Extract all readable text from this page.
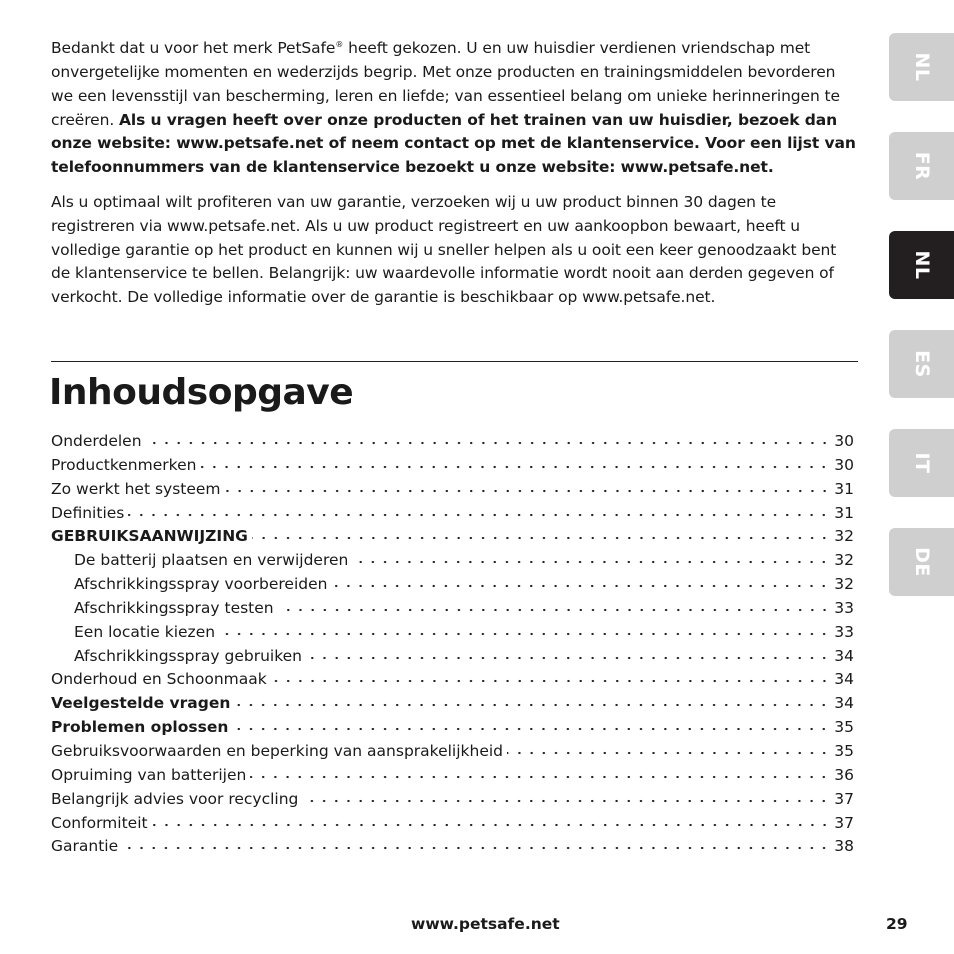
Bedankt dat u voor het merk PetSafe® heeft gekozen. U en uw huisdier verdienen vriendschap met onvergetelijke momenten en wederzijds begrip. Met onze producten en trainingsmiddelen bevorderen we een levensstijl van bescherming, leren en liefde; van essentieel belang om unieke herinneringen te creëren. Als u vragen heeft over onze producten of het trainen van uw huisdier, bezoek dan onze website: www.petsafe.net of neem contact op met de klantenservice. Voor een lijst van telefoonnummers van de klantenservice bezoekt u onze website: www.petsafe.net.

Als u optimaal wilt profiteren van uw garantie, verzoeken wij u uw product binnen 30 dagen te registreren via www.petsafe.net. Als u uw product registreert en uw aankoopbon bewaart, heeft u volledige garantie op het product en kunnen wij u sneller helpen als u ooit een keer genoodzaakt bent de klantenservice te bellen. Belangrijk: uw waardevolle informatie wordt nooit aan derden gegeven of verkocht. De volledige informatie over de garantie is beschikbaar op www.petsafe.net.

Inhoudsopgave
Onderdelen	30
Productkenmerken	30
Zo werkt het systeem	31
Definities	31
GEBRUIKSAANWIJZING	32
De batterij plaatsen en verwijderen	32
Afschrikkingsspray voorbereiden	32
Afschrikkingsspray testen	33
Een locatie kiezen	33
Afschrikkingsspray gebruiken	34
Onderhoud en Schoonmaak	34
Veelgestelde vragen	34
Problemen oplossen	35
Gebruiksvoorwaarden en beperking van aansprakelijkheid	35
Opruiming van batterijen	36
Belangrijk advies voor recycling	37
Conformiteit	37
Garantie	38
NL
FR
NL
ES
IT
DE
www.petsafe.net	29
